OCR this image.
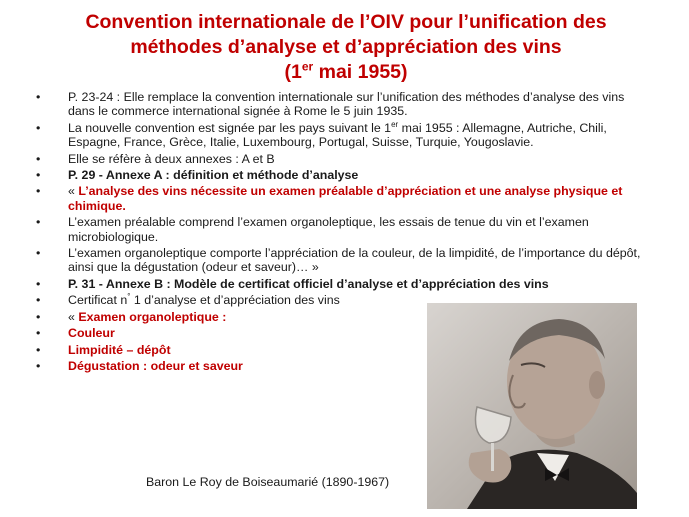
Convention internationale de l’OIV pour l’unification des
méthodes d’analyse et d’appréciation des vins
(1er mai 1955)
• P. 23-24 : Elle remplace la convention internationale sur l’unification des méthodes d’analyse des vins dans le commerce international signée à Rome le 5 juin 1935.
• La nouvelle convention est signée par les pays suivant le 1er mai 1955 : Allemagne, Autriche, Chili, Espagne, France, Grèce, Italie, Luxembourg, Portugal, Suisse, Turquie, Yougoslavie.
• Elle se réfère à deux annexes : A et B
• P. 29 - Annexe A : définition et méthode d’analyse
• « L’analyse des vins nécessite un examen préalable d’appréciation et une analyse physique et chimique.
• L’examen préalable comprend l’examen organoleptique, les essais de tenue du vin et l’examen microbiologique.
• L’examen organoleptique comporte l’appréciation de la couleur, de la limpidité, de l’importance du dépôt, ainsi que la dégustation (odeur et saveur)… »
• P. 31 - Annexe B : Modèle de certificat officiel d’analyse et d’appréciation des vins
• Certificat n° 1 d’analyse et d’appréciation des vins
• « Examen organoleptique :
• Couleur
• Limpidité – dépôt
• Dégustation : odeur et saveur
Baron Le Roy de Boiseaumarié (1890-1967)
